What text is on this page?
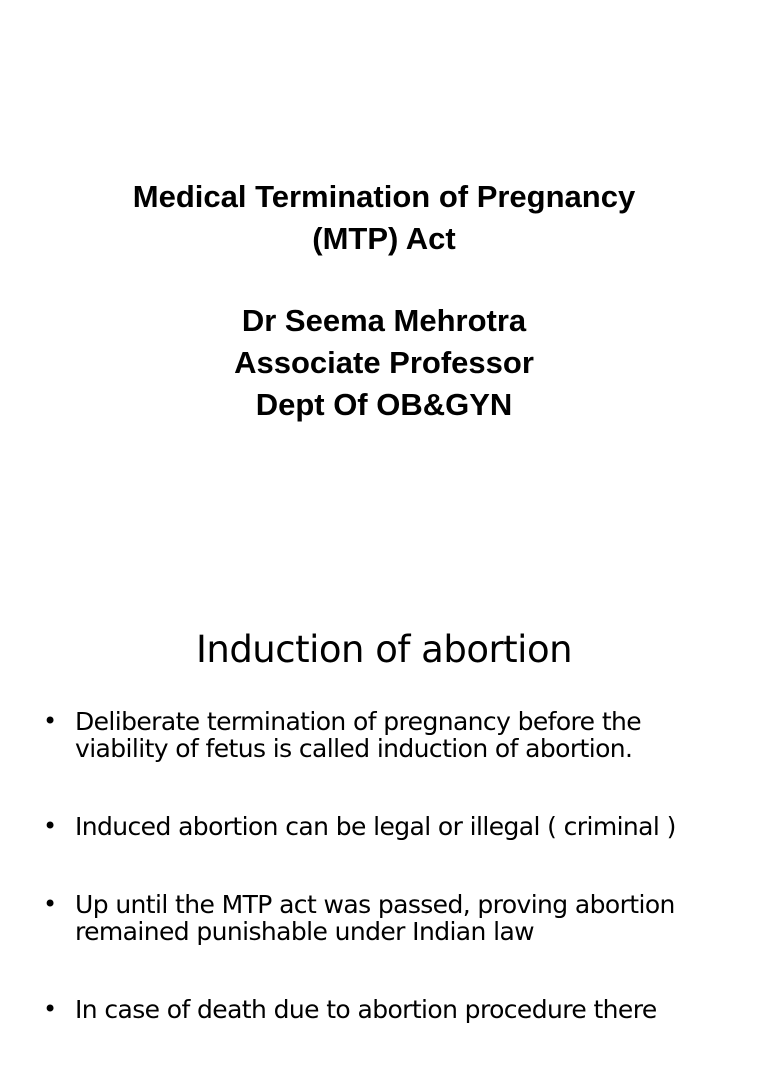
Medical Termination of Pregnancy
(MTP) Act
Dr Seema Mehrotra
Associate Professor
Dept Of OB&GYN
Induction of abortion
• Deliberate termination of pregnancy before the viability of fetus is called induction of abortion.
• Induced abortion can be legal or illegal ( criminal )
• Up until the MTP act was passed, proving abortion remained punishable under Indian law
• In case of death due to abortion procedure there
